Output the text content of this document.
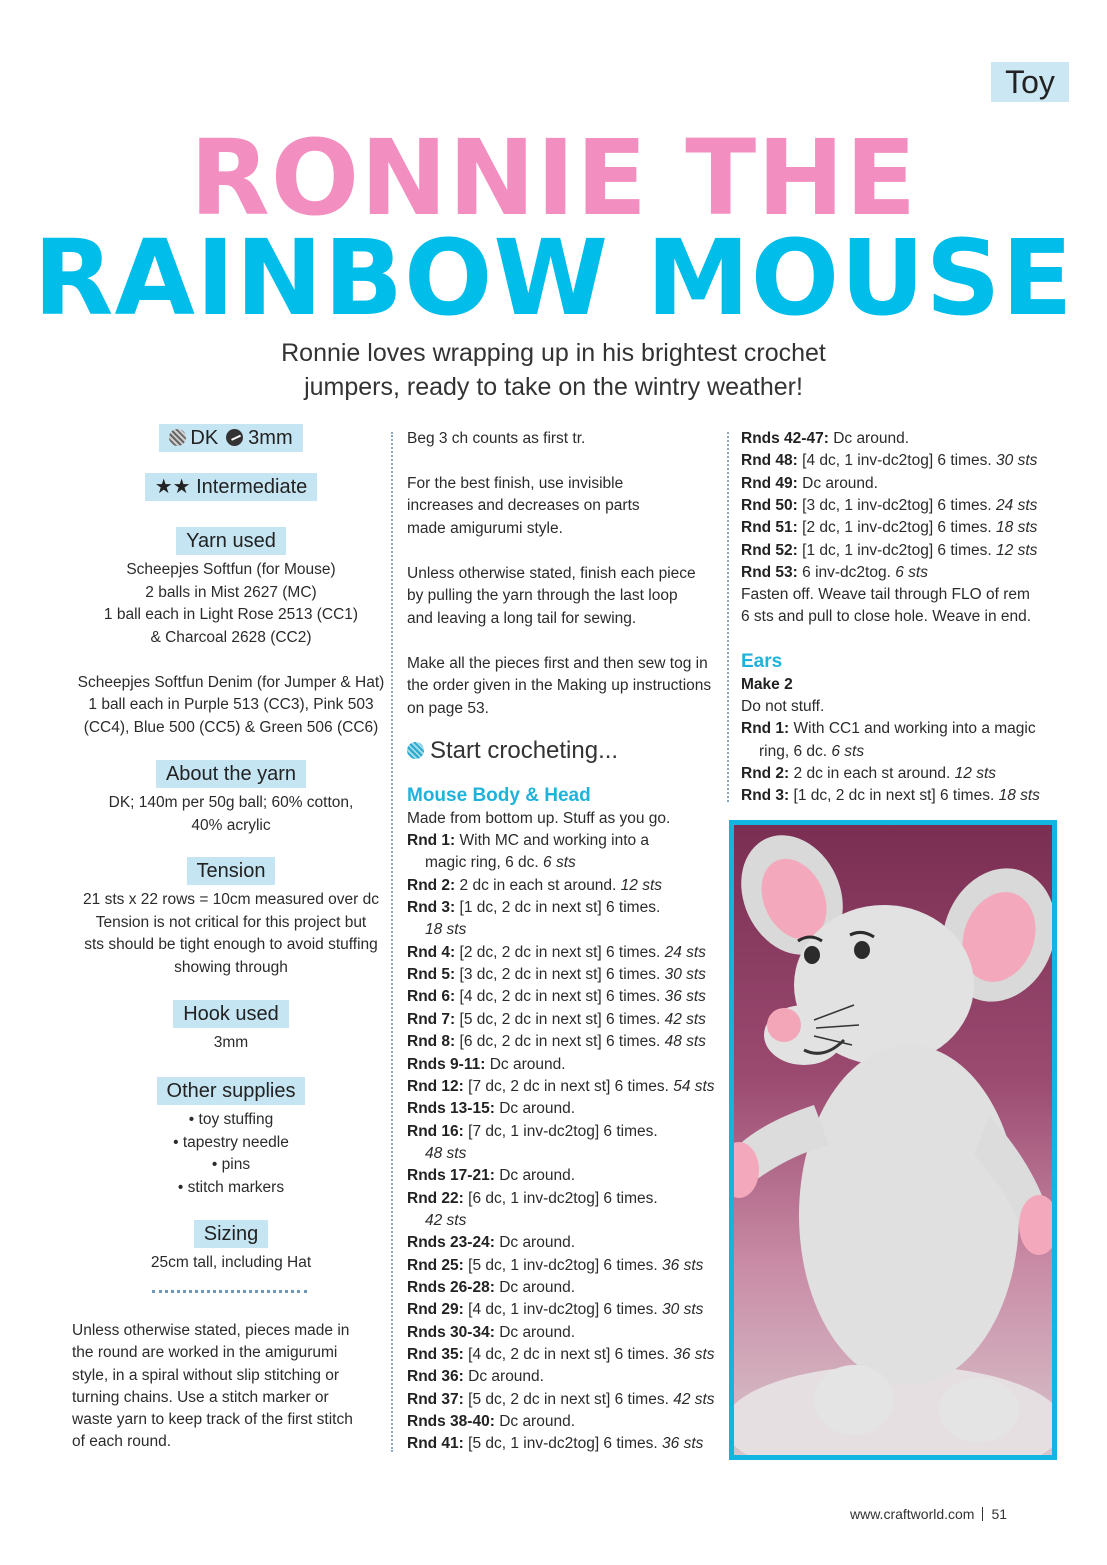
Toy
RONNIE THE
RAINBOW MOUSE
Ronnie loves wrapping up in his brightest crochet
jumpers, ready to take on the wintry weather!
DK 3mm
★★ Intermediate
Yarn used
Scheepjes Softfun (for Mouse)
2 balls in Mist 2627 (MC)
1 ball each in Light Rose 2513 (CC1)
& Charcoal 2628 (CC2)

Scheepjes Softfun Denim (for Jumper & Hat)
1 ball each in Purple 513 (CC3), Pink 503
(CC4), Blue 500 (CC5) & Green 506 (CC6)
About the yarn
DK; 140m per 50g ball; 60% cotton,
40% acrylic
Tension
21 sts x 22 rows = 10cm measured over dc
Tension is not critical for this project but
sts should be tight enough to avoid stuffing
showing through
Hook used
3mm
Other supplies
• toy stuffing
• tapestry needle
• pins
• stitch markers
Sizing
25cm tall, including Hat
Unless otherwise stated, pieces made in
the round are worked in the amigurumi
style, in a spiral without slip stitching or
turning chains. Use a stitch marker or
waste yarn to keep track of the first stitch
of each round.
Beg 3 ch counts as first tr.
For the best finish, use invisible
increases and decreases on parts
made amigurumi style.
Unless otherwise stated, finish each piece
by pulling the yarn through the last loop
and leaving a long tail for sewing.
Make all the pieces first and then sew tog in
the order given in the Making up instructions
on page 53.
Start crocheting...
Mouse Body & Head
Made from bottom up. Stuff as you go.
Rnd 1: With MC and working into a
magic ring, 6 dc. 6 sts
Rnd 2: 2 dc in each st around. 12 sts
Rnd 3: [1 dc, 2 dc in next st] 6 times.
18 sts
Rnd 4: [2 dc, 2 dc in next st] 6 times. 24 sts
Rnd 5: [3 dc, 2 dc in next st] 6 times. 30 sts
Rnd 6: [4 dc, 2 dc in next st] 6 times. 36 sts
Rnd 7: [5 dc, 2 dc in next st] 6 times. 42 sts
Rnd 8: [6 dc, 2 dc in next st] 6 times. 48 sts
Rnds 9-11: Dc around.
Rnd 12: [7 dc, 2 dc in next st] 6 times. 54 sts
Rnds 13-15: Dc around.
Rnd 16: [7 dc, 1 inv-dc2tog] 6 times.
48 sts
Rnds 17-21: Dc around.
Rnd 22: [6 dc, 1 inv-dc2tog] 6 times.
42 sts
Rnds 23-24: Dc around.
Rnd 25: [5 dc, 1 inv-dc2tog] 6 times. 36 sts
Rnds 26-28: Dc around.
Rnd 29: [4 dc, 1 inv-dc2tog] 6 times. 30 sts
Rnds 30-34: Dc around.
Rnd 35: [4 dc, 2 dc in next st] 6 times. 36 sts
Rnd 36: Dc around.
Rnd 37: [5 dc, 2 dc in next st] 6 times. 42 sts
Rnds 38-40: Dc around.
Rnd 41: [5 dc, 1 inv-dc2tog] 6 times. 36 sts
Rnds 42-47: Dc around.
Rnd 48: [4 dc, 1 inv-dc2tog] 6 times. 30 sts
Rnd 49: Dc around.
Rnd 50: [3 dc, 1 inv-dc2tog] 6 times. 24 sts
Rnd 51: [2 dc, 1 inv-dc2tog] 6 times. 18 sts
Rnd 52: [1 dc, 1 inv-dc2tog] 6 times. 12 sts
Rnd 53: 6 inv-dc2tog. 6 sts
Fasten off. Weave tail through FLO of rem
6 sts and pull to close hole. Weave in end.
Ears
Make 2
Do not stuff.
Rnd 1: With CC1 and working into a magic
ring, 6 dc. 6 sts
Rnd 2: 2 dc in each st around. 12 sts
Rnd 3: [1 dc, 2 dc in next st] 6 times. 18 sts
www.craftworld.com 51
